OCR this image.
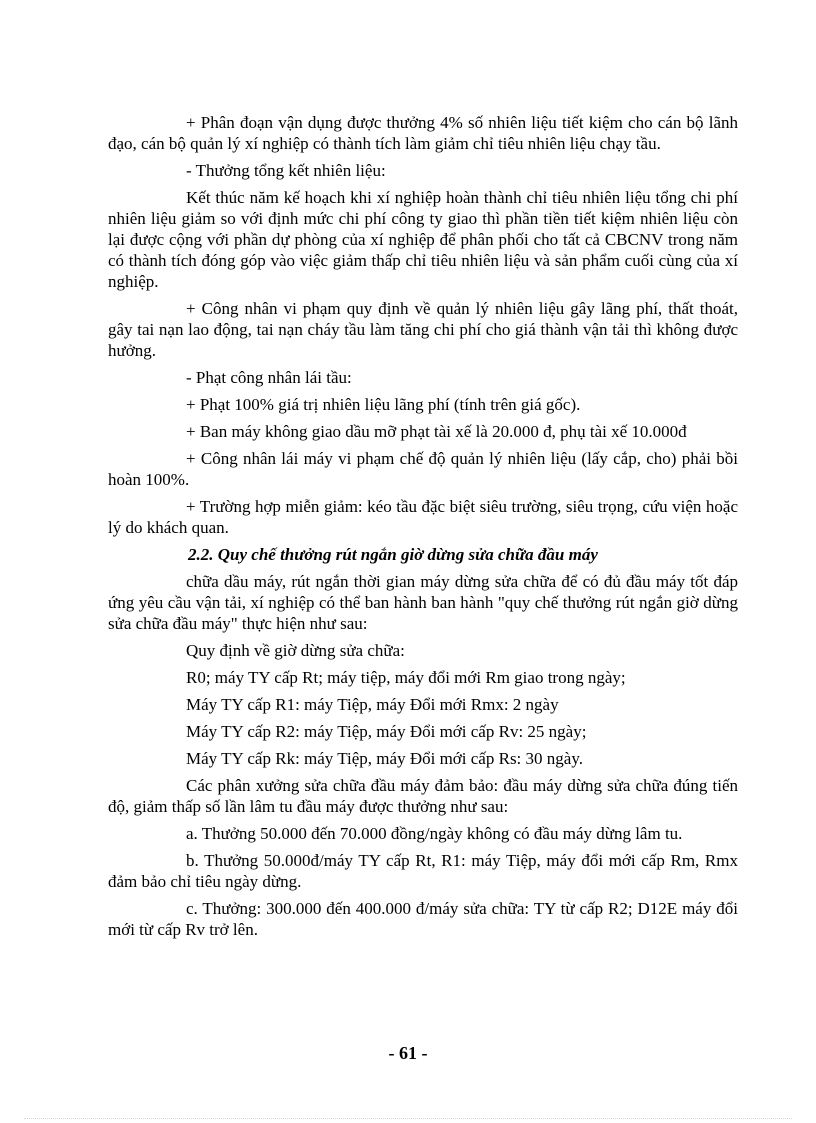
+ Phân đoạn vận dụng được thưởng 4% số nhiên liệu tiết kiệm cho cán bộ lãnh đạo, cán bộ quản lý xí nghiệp có thành tích làm giảm chỉ tiêu nhiên liệu chạy tầu.

- Thưởng tổng kết nhiên liệu:

Kết thúc năm kế hoạch khi xí nghiệp hoàn thành chỉ tiêu nhiên liệu tổng chi phí nhiên liệu giảm so với định mức chi phí công ty giao thì phần tiền tiết kiệm nhiên liệu còn lại được cộng với phần dự phòng của xí nghiệp để phân phối cho tất cả CBCNV trong năm có thành tích đóng góp vào việc giảm thấp chỉ tiêu nhiên liệu và sản phẩm cuối cùng của xí nghiệp.

+ Công nhân vi phạm quy định về quản lý nhiên liệu gây lãng phí, thất thoát, gây tai nạn lao động, tai nạn cháy tầu làm tăng chi phí cho giá thành vận tải thì không được hưởng.

- Phạt công nhân lái tầu:

+ Phạt 100% giá trị nhiên liệu lãng phí (tính trên giá gốc).

+ Ban máy không giao dầu mỡ phạt tài xế là 20.000 đ, phụ tài xế 10.000đ

+ Công nhân lái máy vi phạm chế độ quản lý nhiên liệu (lấy cắp, cho) phải bồi hoàn 100%.

+ Trường hợp miễn giảm: kéo tầu đặc biệt siêu trường, siêu trọng, cứu viện hoặc lý do khách quan.

2.2. Quy chế thưởng rút ngắn giờ dừng sửa chữa đầu máy

chữa dầu máy, rút ngắn thời gian máy dừng sửa chữa để có đủ đầu máy tốt đáp ứng yêu cầu vận tải, xí nghiệp có thể ban hành ban hành "quy chế thưởng rút ngắn giờ dừng sửa chữa đầu máy" thực hiện như sau:

Quy định về giờ dừng sửa chữa:

R0; máy TY cấp Rt; máy tiệp, máy đổi mới Rm giao trong ngày;

Máy TY cấp R1: máy Tiệp, máy Đổi mới Rmx: 2 ngày

Máy TY cấp R2: máy Tiệp, máy Đổi mới cấp Rv: 25 ngày;

Máy TY cấp Rk: máy Tiệp, máy Đổi mới cấp Rs: 30 ngày.

Các phân xưởng sửa chữa đầu máy đảm bảo: đầu máy dừng sửa chữa đúng tiến độ, giảm thấp số lần lâm tu đầu máy được thưởng như sau:

a. Thưởng 50.000 đến 70.000 đồng/ngày không có đầu máy dừng lâm tu.

b. Thưởng 50.000đ/máy TY cấp Rt, R1: máy Tiệp, máy đổi mới cấp Rm, Rmx đảm bảo chỉ tiêu ngày dừng.

c. Thưởng: 300.000 đến 400.000 đ/máy sửa chữa: TY từ cấp R2; D12E máy đổi mới từ cấp Rv trở lên.

- 61 -
